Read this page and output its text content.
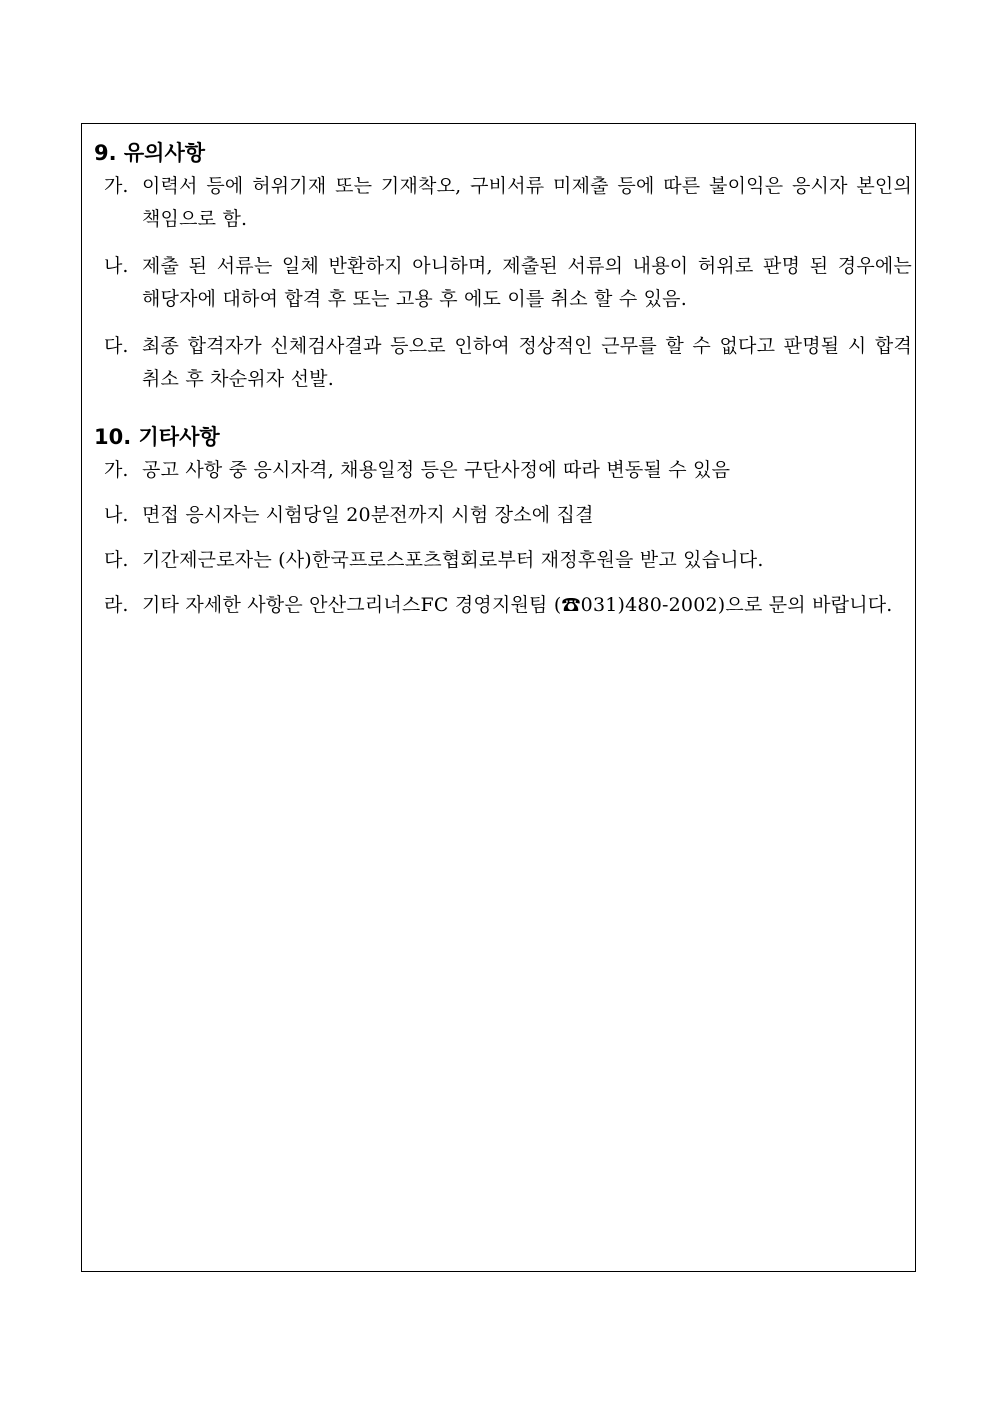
9. 유의사항
가. 이력서 등에 허위기재 또는 기재착오, 구비서류 미제출 등에 따른 불이익은 응시자 본인의 책임으로 함.
나. 제출 된 서류는 일체 반환하지 아니하며, 제출된 서류의 내용이 허위로 판명 된 경우에는 해당자에 대하여 합격 후 또는 고용 후 에도 이를 취소 할 수 있음.
다. 최종 합격자가 신체검사결과 등으로 인하여 정상적인 근무를 할 수 없다고 판명될 시 합격 취소 후 차순위자 선발.
10. 기타사항
가. 공고 사항 중 응시자격, 채용일정 등은 구단사정에 따라 변동될 수 있음
나. 면접 응시자는 시험당일 20분전까지 시험 장소에 집결
다. 기간제근로자는 (사)한국프로스포츠협회로부터 재정후원을 받고 있습니다.
라. 기타 자세한 사항은 안산그리너스FC 경영지원팀 (☎031)480-2002)으로 문의 바랍니다.
